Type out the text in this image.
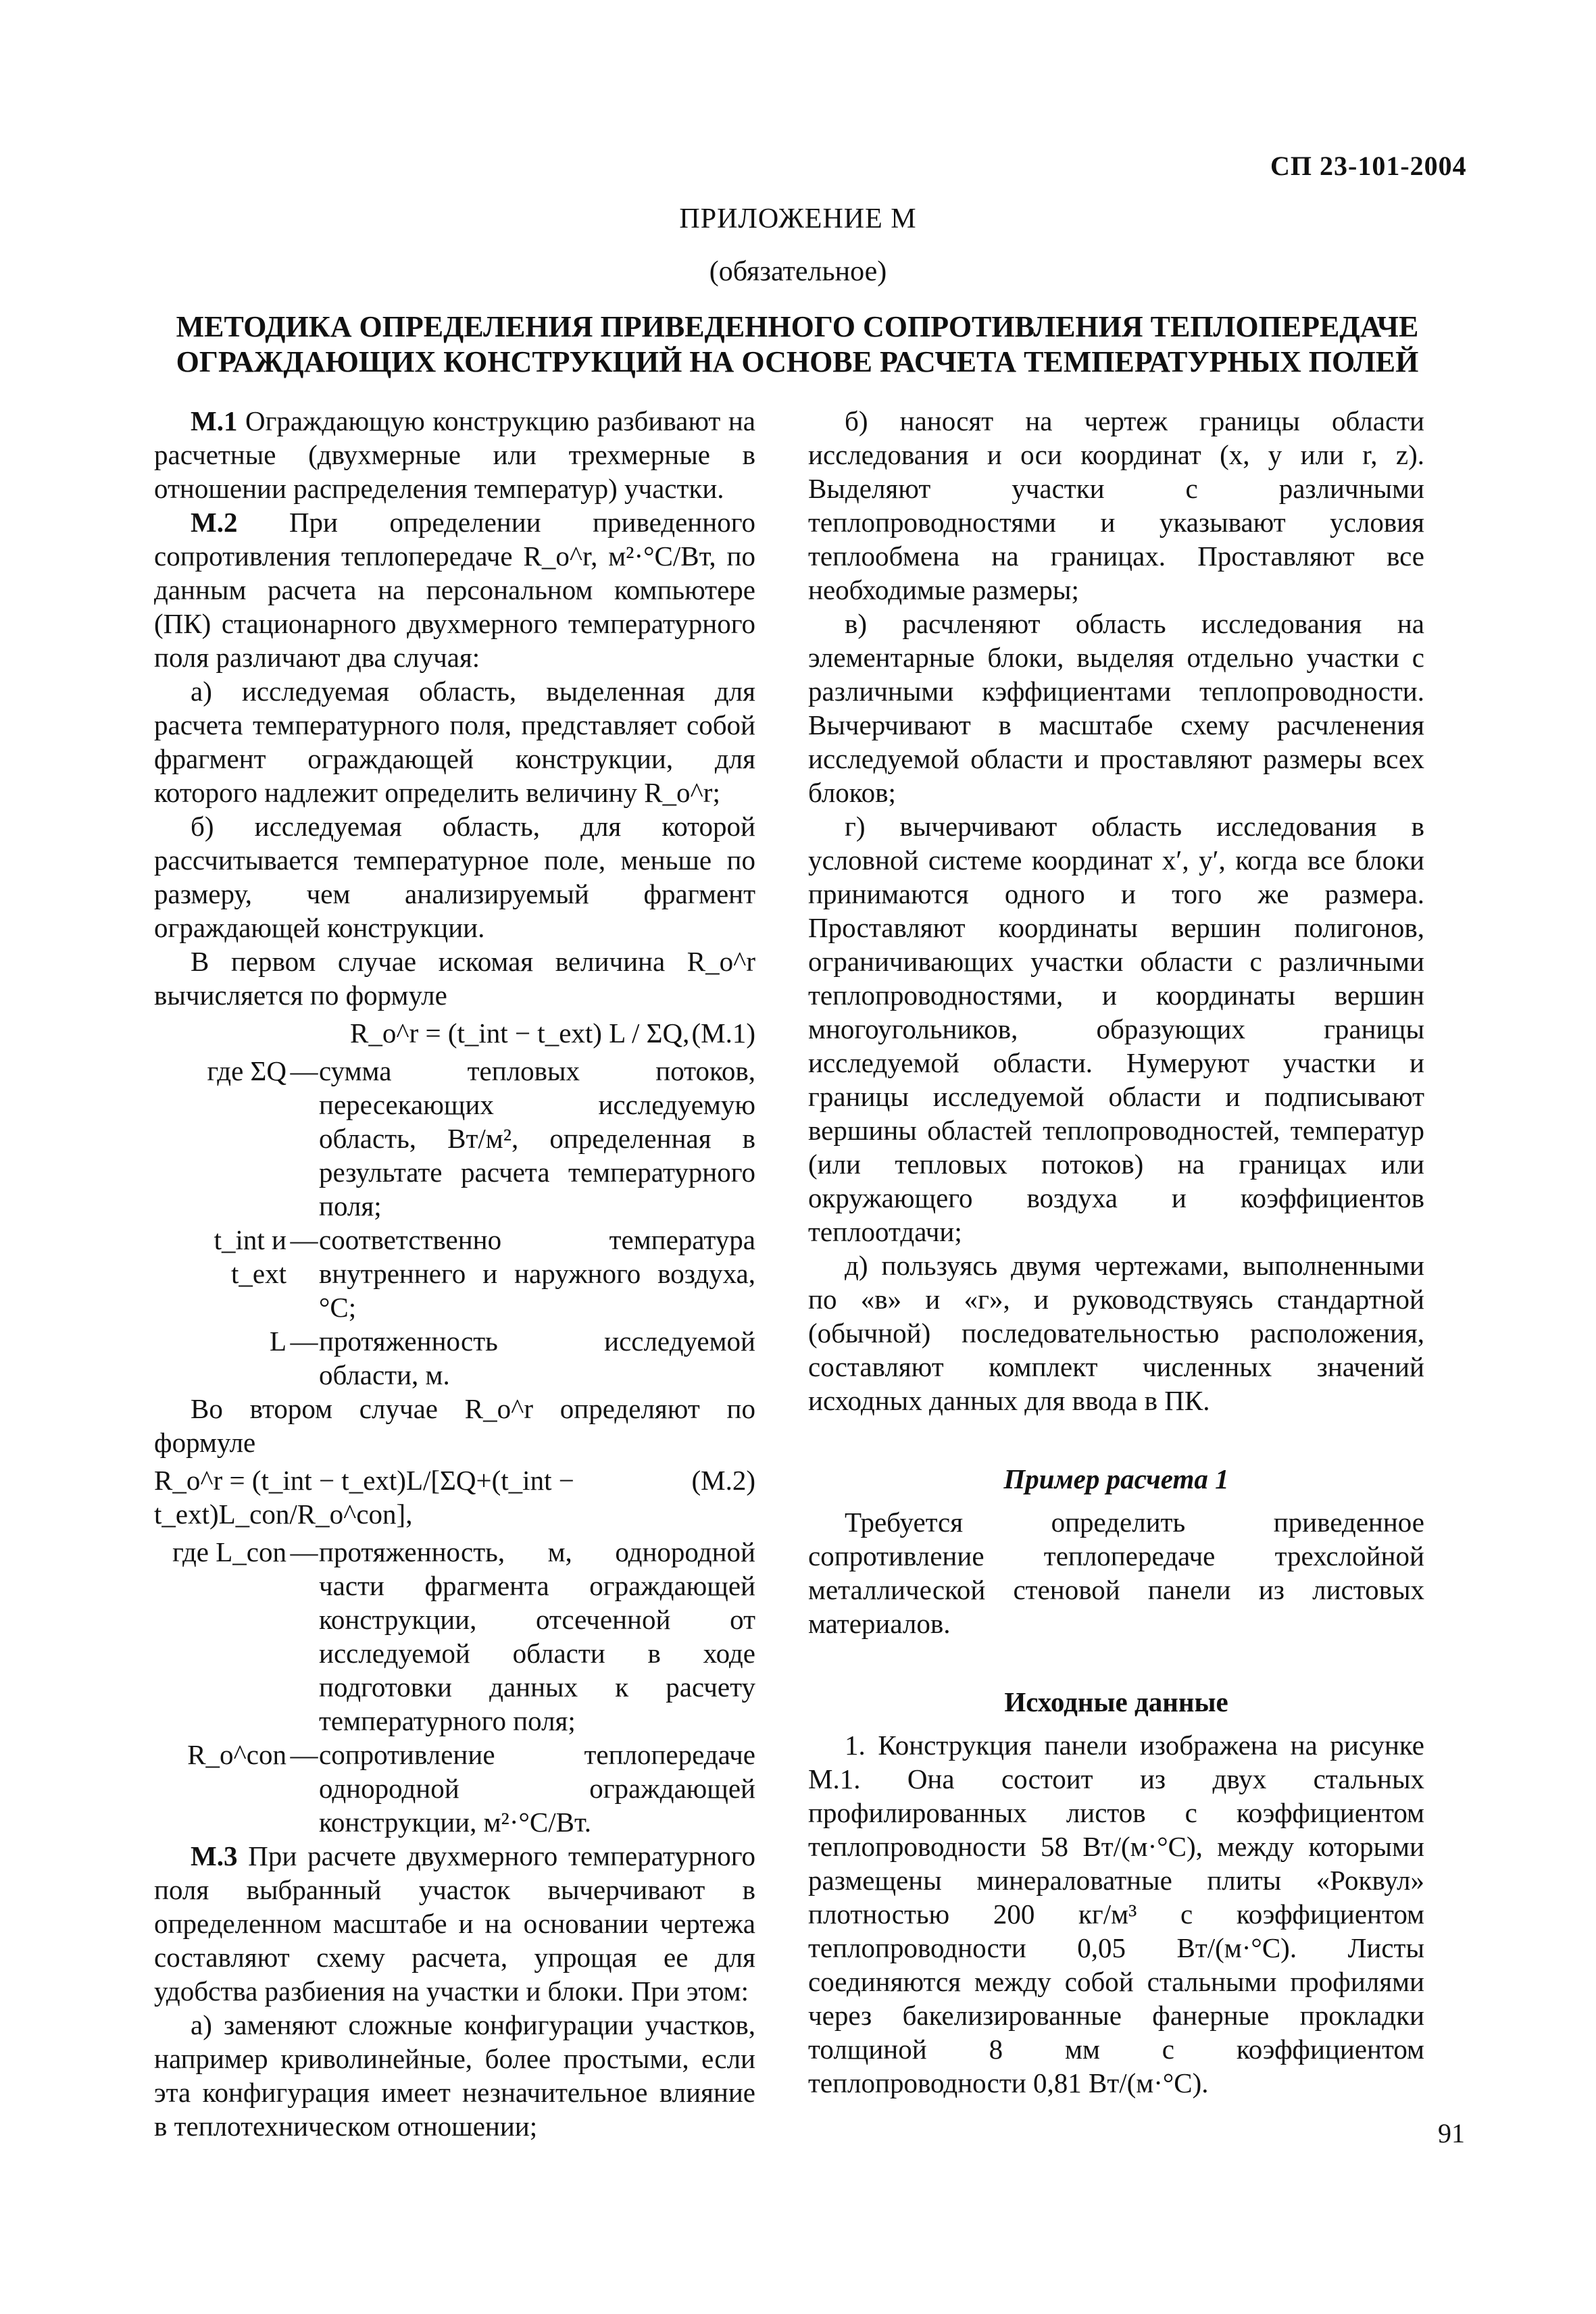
СП 23-101-2004
ПРИЛОЖЕНИЕ М
(обязательное)
МЕТОДИКА ОПРЕДЕЛЕНИЯ ПРИВЕДЕННОГО СОПРОТИВЛЕНИЯ ТЕПЛОПЕРЕДАЧЕ
ОГРАЖДАЮЩИХ КОНСТРУКЦИЙ НА ОСНОВЕ РАСЧЕТА ТЕМПЕРАТУРНЫХ ПОЛЕЙ

М.1 Ограждающую конструкцию разбивают на расчетные (двухмерные или трехмерные в отношении распределения температур) участки.

М.2 При определении приведенного сопротивления теплопередаче R_o^r, м²·°С/Вт, по данным расчета на персональном компьютере (ПК) стационарного двухмерного температурного поля различают два случая:

а) исследуемая область, выделенная для расчета температурного поля, представляет собой фрагмент ограждающей конструкции, для которого надлежит определить величину R_o^r;

б) исследуемая область, для которой рассчитывается температурное поле, меньше по размеру, чем анализируемый фрагмент ограждающей конструкции.

В первом случае искомая величина R_o^r вычисляется по формуле

R_o^r = (t_int − t_ext) L / ΣQ, (М.1)
где ΣQ — сумма тепловых потоков, пересекающих исследуемую область, Вт/м², определенная в результате расчета температурного поля;
t_int и t_ext
— соответственно температура внутреннего и наружного воздуха, °С;
L — протяженность исследуемой области, м.

Во втором случае R_o^r определяют по формуле

R_o^r = (t_int − t_ext)L/[ΣQ+(t_int − t_ext)L_con/R_o^con],
(М.2)
где L_con — протяженность, м, однородной части фрагмента ограждающей конструкции, отсеченной от исследуемой области в ходе подготовки данных к расчету температурного поля;
R_o^con — сопротивление теплопередаче однородной ограждающей конструкции, м²·°С/Вт.

М.3 При расчете двухмерного температурного поля выбранный участок вычерчивают в определенном масштабе и на основании чертежа составляют схему расчета, упрощая ее для удобства разбиения на участки и блоки. При этом:

а) заменяют сложные конфигурации участков, например криволинейные, более простыми, если эта конфигурация имеет незначительное влияние в теплотехническом отношении;

б) наносят на чертеж границы области исследования и оси координат (x, y или r, z). Выделяют участки с различными теплопроводностями и указывают условия теплообмена на границах. Проставляют все необходимые размеры;

в) расчленяют область исследования на элементарные блоки, выделяя отдельно участки с различными кэффициентами теплопроводности. Вычерчивают в масштабе схему расчленения исследуемой области и проставляют размеры всех блоков;

г) вычерчивают область исследования в условной системе координат x′, y′, когда все блоки принимаются одного и того же размера. Проставляют координаты вершин полигонов, ограничивающих участки области с различными теплопроводностями, и координаты вершин многоугольников, образующих границы исследуемой области. Нумеруют участки и границы исследуемой области и подписывают вершины областей теплопроводностей, температур (или тепловых потоков) на границах или окружающего воздуха и коэффициентов теплоотдачи;

д) пользуясь двумя чертежами, выполненными по «в» и «г», и руководствуясь стандартной (обычной) последовательностью расположения, составляют комплект численных значений исходных данных для ввода в ПК.

Пример расчета 1

Требуется определить приведенное сопротивление теплопередаче трехслойной металлической стеновой панели из листовых материалов.

Исходные данные

1. Конструкция панели изображена на рисунке М.1. Она состоит из двух стальных профилированных листов с коэффициентом теплопроводности 58 Вт/(м·°С), между которыми размещены минераловатные плиты «Роквул» плотностью 200 кг/м³ с коэффициентом теплопроводности 0,05 Вт/(м·°С). Листы соединяются между собой стальными профилями через бакелизированные фанерные прокладки толщиной 8 мм с коэффициентом теплопроводности 0,81 Вт/(м·°С).

91
